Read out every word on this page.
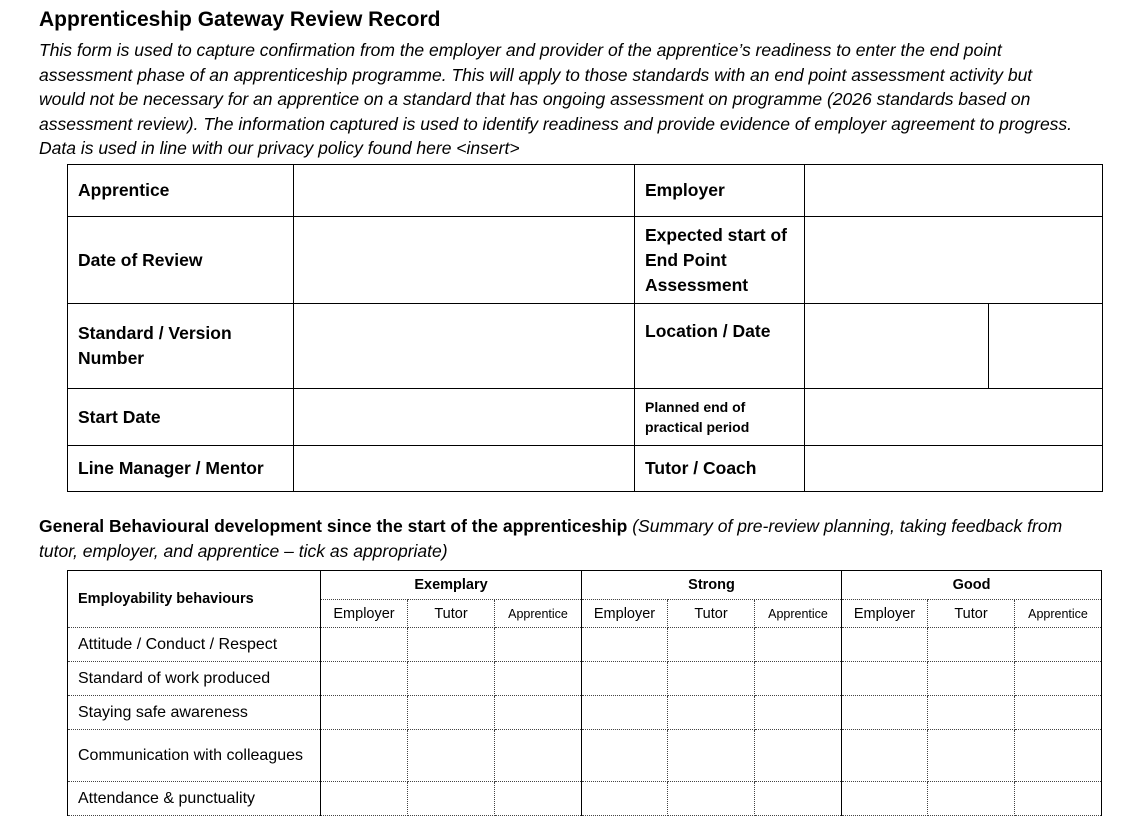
Apprenticeship Gateway Review Record
This form is used to capture confirmation from the employer and provider of the apprentice’s readiness to enter the end point assessment phase of an apprenticeship programme. This will apply to those standards with an end point assessment activity but would not be necessary for an apprentice on a standard that has ongoing assessment on programme (2026 standards based on assessment review). The information captured is used to identify readiness and provide evidence of employer agreement to progress. Data is used in line with our privacy policy found here <insert>
Apprentice		Employer		
Date of Review		Expected start of End Point Assessment		
Standard / Version Number		Location / Date		
Start Date		Planned end of practical period		
Line Manager / Mentor		Tutor / Coach		
General Behavioural development since the start of the apprenticeship (Summary of pre-review planning, taking feedback from tutor, employer, and apprentice – tick as appropriate)
Employability behaviours	Exemplary			Strong			Good		
	Employer	Tutor	Apprentice	Employer	Tutor	Apprentice	Employer	Tutor	Apprentice
Attitude / Conduct / Respect									
Standard of work produced									
Staying safe awareness									
Communication with colleagues									
Attendance & punctuality									
